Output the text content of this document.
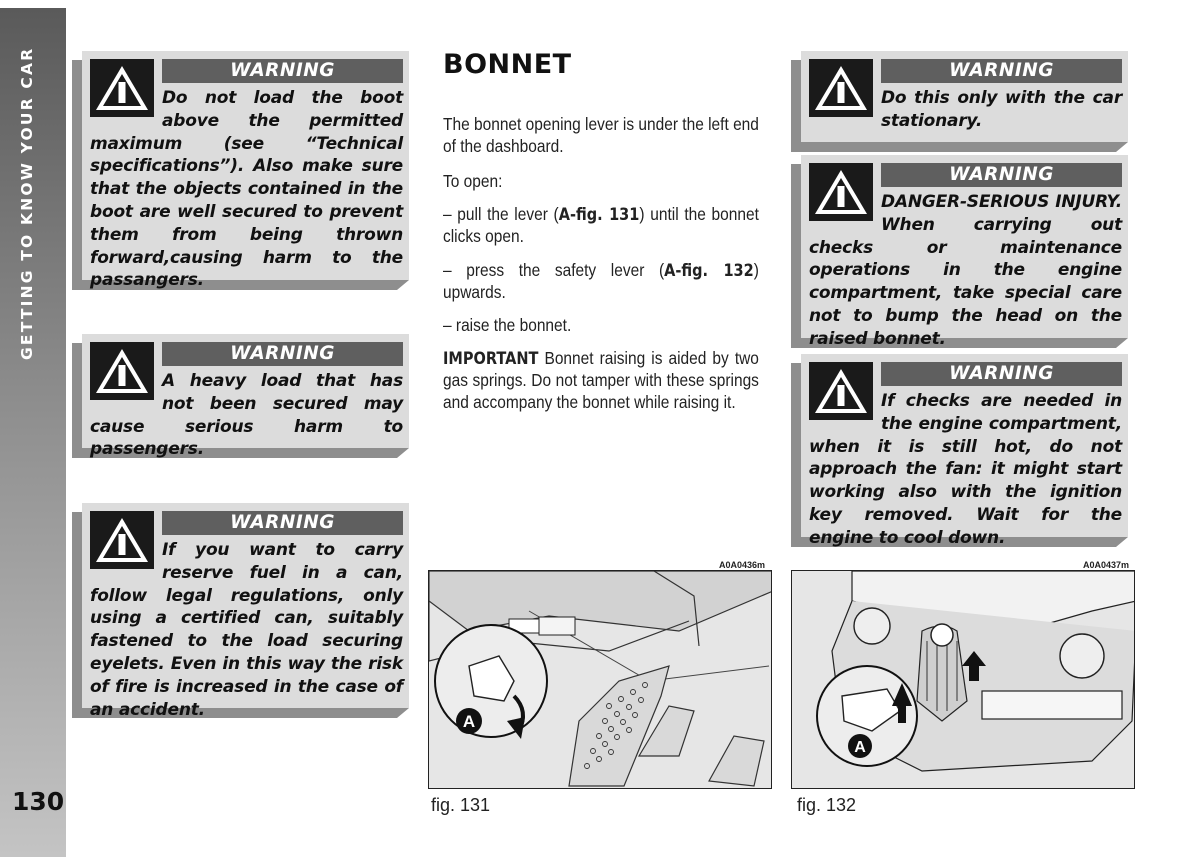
GETTING TO KNOW YOUR CAR
130
WARNING
Do not load the boot above the permitted maximum (see “Technical specifications”). Also make sure that the objects contained in the boot are well secured to prevent them from being thrown forward,causing harm to the passangers.
WARNING
A heavy load that has not been secured may cause serious harm to passengers.
WARNING
If you want to carry reserve fuel in a can, follow legal regulations, only using a certified can, suitably fastened to the load securing eyelets. Even in this way the risk of fire is increased in the case of an accident.
BONNET
The bonnet opening lever is under the left end of the dashboard.
To open:
– pull the lever (A-fig. 131) until the bonnet clicks open.
– press the safety lever (A-fig. 132) upwards.
– raise the bonnet.
IMPORTANT Bonnet raising is aided by two gas springs. Do not tamper with these springs and accompany the bonnet while raising it.
WARNING
Do this only with the car stationary.
WARNING
DANGER-SERIOUS INJURY. When carrying out checks or maintenance operations in the engine compartment, take special care not to bump the head on the raised bonnet.
WARNING
If checks are needed in the engine compartment, when it is still hot, do not approach the fan: it might start working also with the ignition key removed. Wait for the engine to cool down.
A0A0436m
A
fig. 131
A0A0437m
A
fig. 132
